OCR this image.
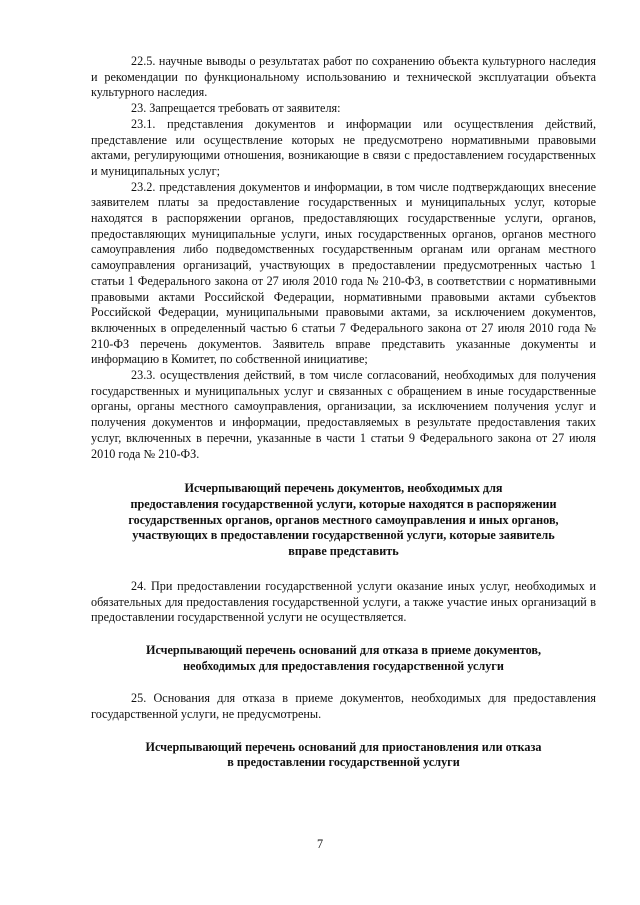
22.5. научные выводы о результатах работ по сохранению объекта культурного наследия и рекомендации по функциональному использованию и технической эксплуатации объекта культурного наследия.

23. Запрещается требовать от заявителя:

23.1. представления документов и информации или осуществления действий, представление или осуществление которых не предусмотрено нормативными правовыми актами, регулирующими отношения, возникающие в связи с предоставлением государственных и муниципальных услуг;

23.2. представления документов и информации, в том числе подтверждающих внесение заявителем платы за предоставление государственных и муниципальных услуг, которые находятся в распоряжении органов, предоставляющих государственные услуги, органов, предоставляющих муниципальные услуги, иных государственных органов, органов местного самоуправления либо подведомственных государственным органам или органам местного самоуправления организаций, участвующих в предоставлении предусмотренных частью 1 статьи 1 Федерального закона от 27 июля 2010 года № 210-ФЗ, в соответствии с нормативными правовыми актами Российской Федерации, нормативными правовыми актами субъектов Российской Федерации, муниципальными правовыми актами, за исключением документов, включенных в определенный частью 6 статьи 7 Федерального закона от 27 июля 2010 года № 210-ФЗ перечень документов. Заявитель вправе представить указанные документы и информацию в Комитет, по собственной инициативе;

23.3. осуществления действий, в том числе согласований, необходимых для получения государственных и муниципальных услуг и связанных с обращением в иные государственные органы, органы местного самоуправления, организации, за исключением получения услуг и получения документов и информации, предоставляемых в результате предоставления таких услуг, включенных в перечни, указанные в части 1 статьи 9 Федерального закона от 27 июля 2010 года № 210-ФЗ.

Исчерпывающий перечень документов, необходимых для
предоставления государственной услуги, которые находятся в распоряжении
государственных органов, органов местного самоуправления и иных органов,
участвующих в предоставлении государственной услуги, которые заявитель
вправе представить

24. При предоставлении государственной услуги оказание иных услуг, необходимых и обязательных для предоставления государственной услуги, а также участие иных организаций в предоставлении государственной услуги не осуществляется.

Исчерпывающий перечень оснований для отказа в приеме документов,
необходимых для предоставления государственной услуги

25. Основания для отказа в приеме документов, необходимых для предоставления государственной услуги, не предусмотрены.

Исчерпывающий перечень оснований для приостановления или отказа
в предоставлении государственной услуги
7
